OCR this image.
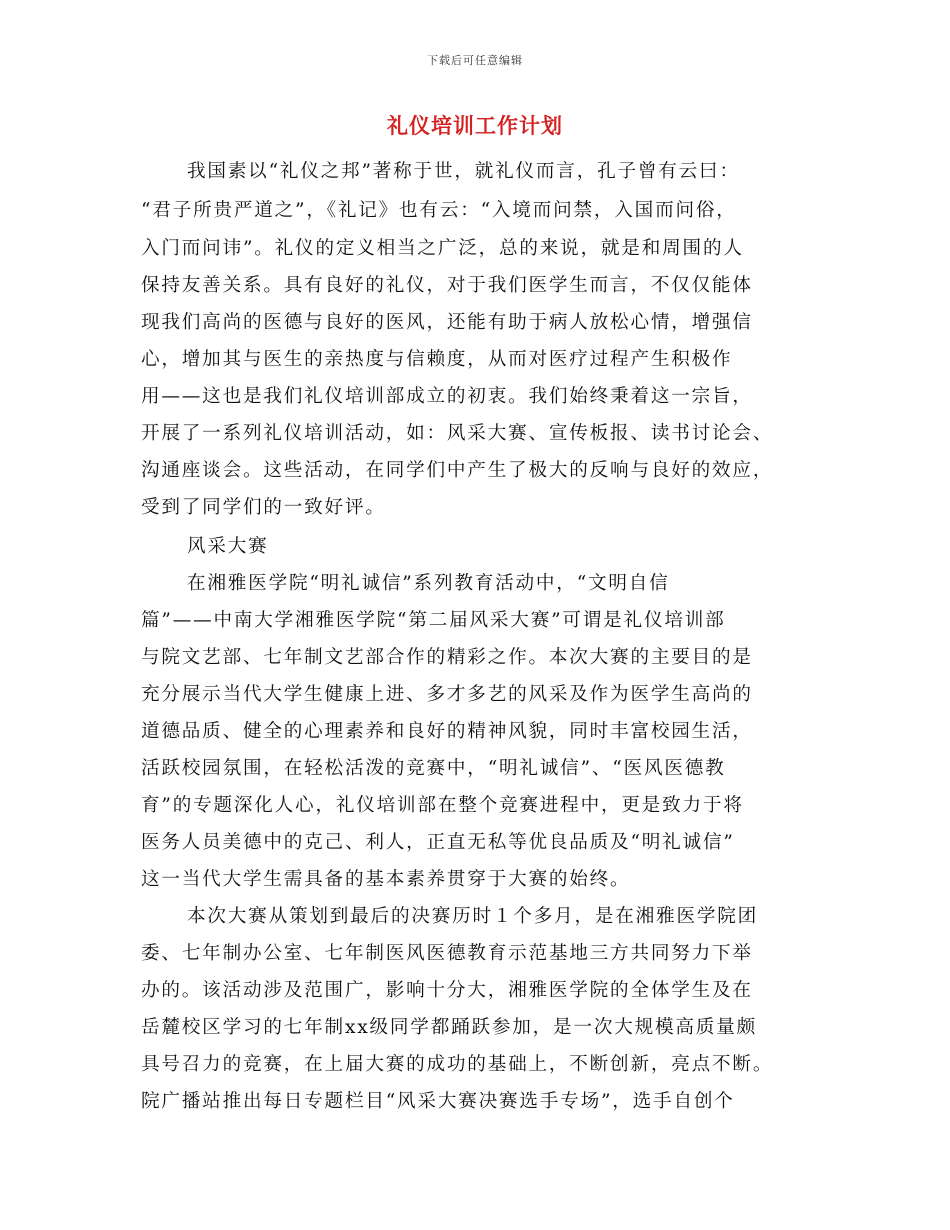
下载后可任意编辑
礼仪培训工作计划
我国素以“礼仪之邦”著称于世，就礼仪而言，孔子曾有云曰：
“君子所贵严道之”，《礼记》也有云：“入境而问禁，入国而问俗，
入门而问讳”。礼仪的定义相当之广泛，总的来说，就是和周围的人
保持友善关系。具有良好的礼仪，对于我们医学生而言，不仅仅能体
现我们高尚的医德与良好的医风，还能有助于病人放松心情，增强信
心，增加其与医生的亲热度与信赖度，从而对医疗过程产生积极作
用——这也是我们礼仪培训部成立的初衷。我们始终秉着这一宗旨，
开展了一系列礼仪培训活动，如：风采大赛、宣传板报、读书讨论会、
沟通座谈会。这些活动，在同学们中产生了极大的反响与良好的效应，
受到了同学们的一致好评。
风采大赛
在湘雅医学院“明礼诚信”系列教育活动中，“文明自信
篇”——中南大学湘雅医学院“第二届风采大赛”可谓是礼仪培训部
与院文艺部、七年制文艺部合作的精彩之作。本次大赛的主要目的是
充分展示当代大学生健康上进、多才多艺的风采及作为医学生高尚的
道德品质、健全的心理素养和良好的精神风貌，同时丰富校园生活，
活跃校园氛围，在轻松活泼的竞赛中，“明礼诚信”、“医风医德教
育”的专题深化人心，礼仪培训部在整个竞赛进程中，更是致力于将
医务人员美德中的克己、利人，正直无私等优良品质及“明礼诚信”
这一当代大学生需具备的基本素养贯穿于大赛的始终。
本次大赛从策划到最后的决赛历时１个多月，是在湘雅医学院团
委、七年制办公室、七年制医风医德教育示范基地三方共同努力下举
办的。该活动涉及范围广，影响十分大，湘雅医学院的全体学生及在
岳麓校区学习的七年制xx级同学都踊跃参加，是一次大规模高质量颇
具号召力的竞赛，在上届大赛的成功的基础上，不断创新，亮点不断。
院广播站推出每日专题栏目“风采大赛决赛选手专场”，选手自创个
